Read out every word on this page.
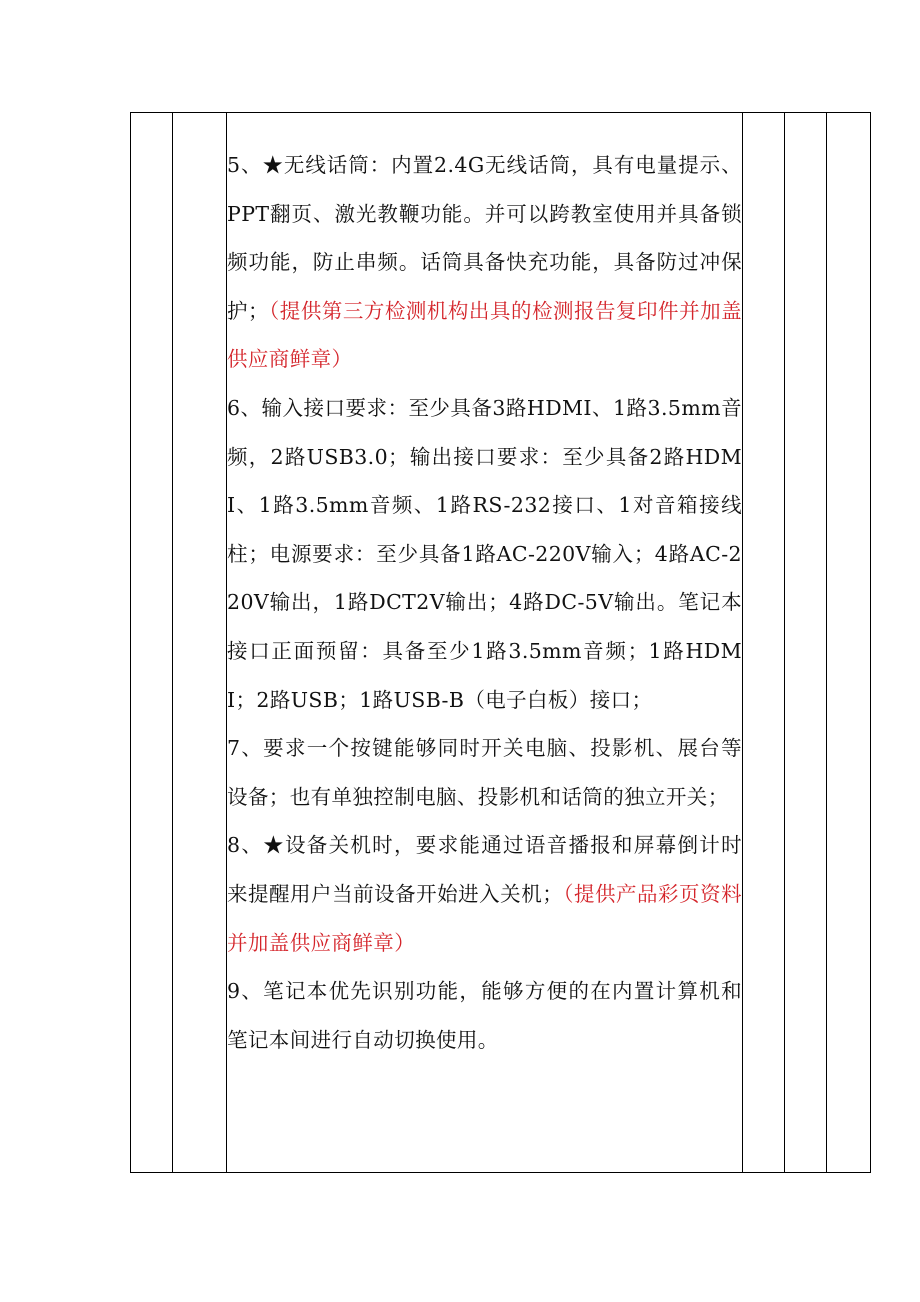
5、★无线话筒：内置2.4G无线话筒，具有电量提示、PPT翻页、激光教鞭功能。并可以跨教室使用并具备锁频功能，防止串频。话筒具备快充功能，具备防过冲保护；（提供第三方检测机构出具的检测报告复印件并加盖供应商鲜章）

6、输入接口要求：至少具备3路HDMI、1路3.5mm音频，2路USB3.0；输出接口要求：至少具备2路HDMI、1路3.5mm音频、1路RS-232接口、1对音箱接线柱；电源要求：至少具备1路AC-220V输入；4路AC-220V输出，1路DCT2V输出；4路DC-5V输出。笔记本接口正面预留：具备至少1路3.5mm音频；1路HDMI；2路USB；1路USB-B（电子白板）接口；

7、要求一个按键能够同时开关电脑、投影机、展台等设备；也有单独控制电脑、投影机和话筒的独立开关；

8、★设备关机时，要求能通过语音播报和屏幕倒计时来提醒用户当前设备开始进入关机；（提供产品彩页资料并加盖供应商鲜章）

9、笔记本优先识别功能，能够方便的在内置计算机和笔记本间进行自动切换使用。
